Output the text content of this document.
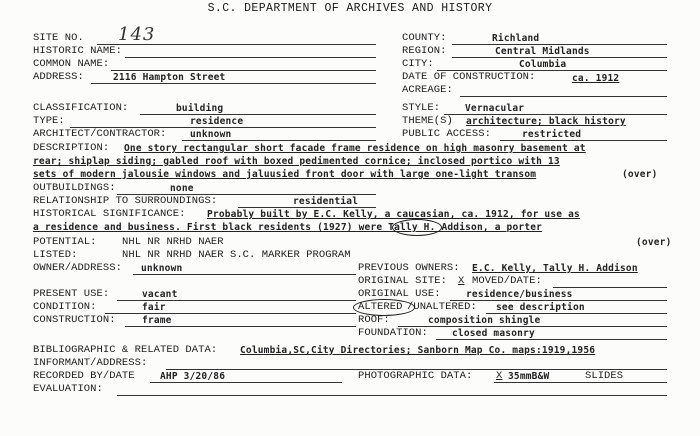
S.C. DEPARTMENT OF ARCHIVES AND HISTORY
SITE NO. 143	COUNTY:	Richland
HISTORIC NAME:	REGION:	Central Midlands
COMMON NAME:	CITY:	Columbia
ADDRESS:	2116 Hampton Street	DATE OF CONSTRUCTION:	ca. 1912
ACREAGE:
CLASSIFICATION:	building	STYLE:	Vernacular
TYPE:	residence	THEME(S) architecture; black history
ARCHITECT/CONTRACTOR: unknown	PUBLIC ACCESS:	restricted
DESCRIPTION: One story rectangular short facade frame residence on high masonry basement at
rear; shiplap siding; gabled roof with boxed pedimented cornice; inclosed portico with 13
sets of modern jalousie windows and jaluusied front door with large one-light transom	(over)
OUTBUILDINGS:	none
RELATIONSHIP TO SURROUNDINGS:	residential
HISTORICAL SIGNIFICANCE: Probably built by E.C. Kelly, a caucasian, ca. 1912, for use as
a residence and business. First black residents (1927) were Tally H. Addison, a porter
POTENTIAL: NHL NR NRHD NAER	(over)
LISTED:	NHL NR NRHD NAER S.C. MARKER PROGRAM
OWNER/ADDRESS: unknown	PREVIOUS OWNERS: E.C. Kelly, Tally H. Addison
ORIGINAL SITE: X MOVED/DATE:
PRESENT USE:	vacant	ORIGINAL USE:	residence/business
CONDITION:	fair	ALTERED /UNALTERED: see description
CONSTRUCTION:	frame	ROOF:	composition shingle
FOUNDATION:	closed masonry
BIBLIOGRAPHIC & RELATED DATA: Columbia,SC,City Directories; Sanborn Map Co. maps:1919,1956
INFORMANT/ADDRESS:
RECORDED BY/DATE	AHP 3/20/86	PHOTOGRAPHIC DATA: X 35mmB&W	SLIDES
EVALUATION:
